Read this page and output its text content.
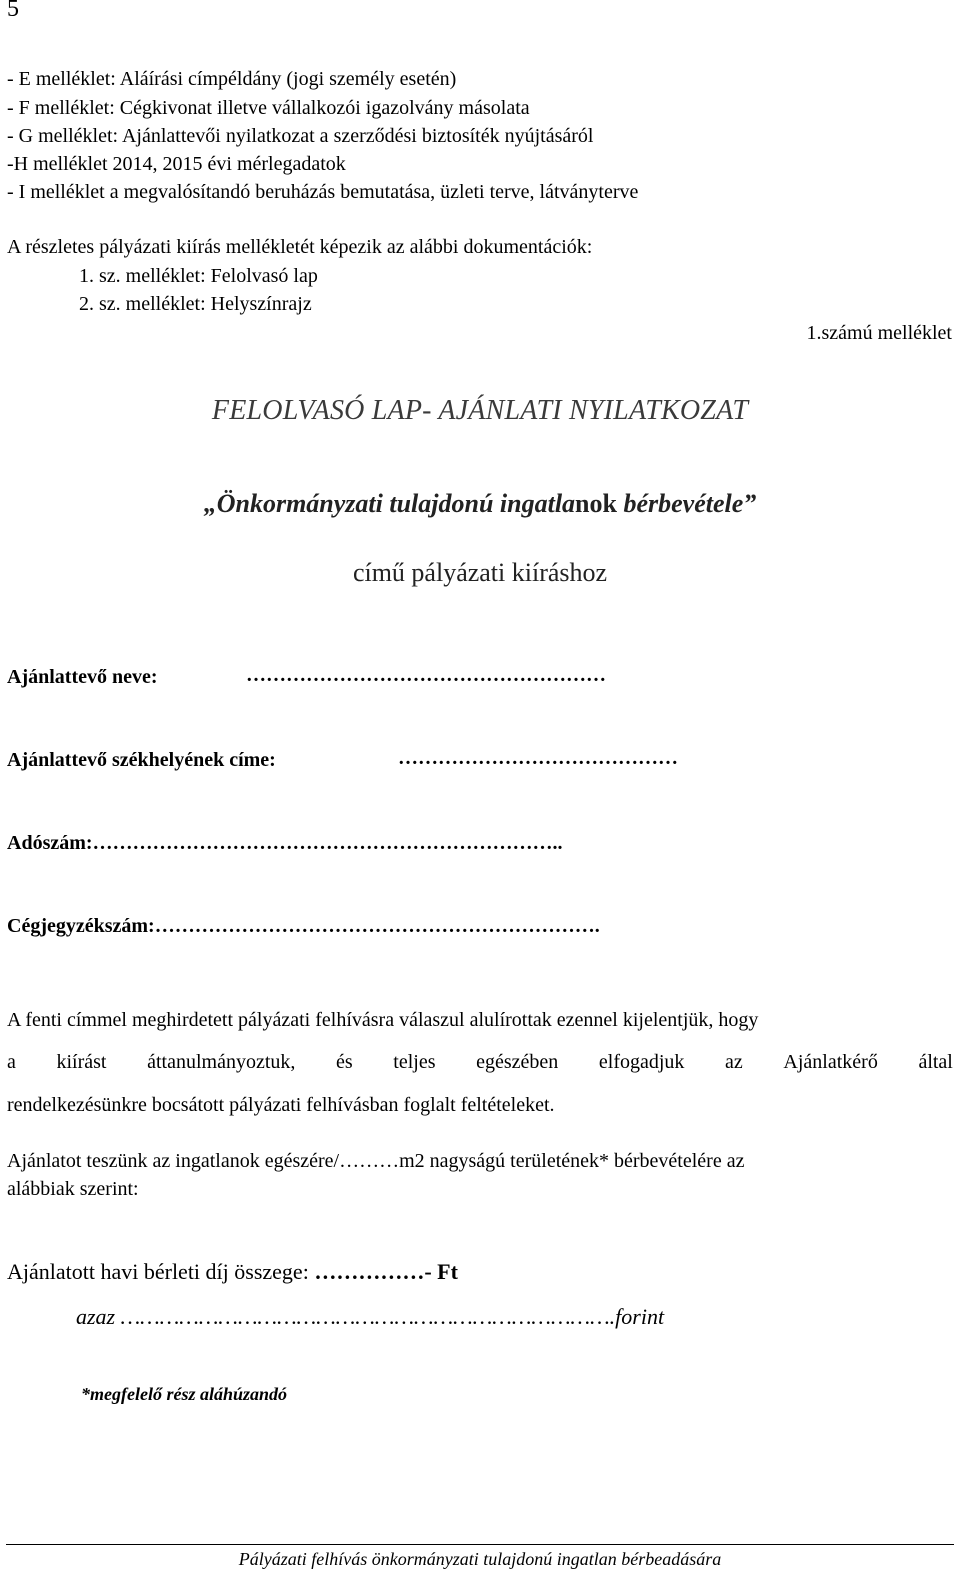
5
- E melléklet: Aláírási címpéldány (jogi személy esetén)
- F melléklet: Cégkivonat illetve vállalkozói igazolvány másolata
- G melléklet: Ajánlattevői nyilatkozat a szerződési biztosíték nyújtásáról
-H melléklet 2014, 2015 évi mérlegadatok
- I melléklet a megvalósítandó beruházás bemutatása, üzleti terve, látványterve
A részletes pályázati kiírás mellékletét képezik az alábbi dokumentációk:
1. sz. melléklet: Felolvasó lap
2. sz. melléklet: Helyszínrajz
1.számú melléklet
FELOLVASÓ LAP- AJÁNLATI NYILATKOZAT
„Önkormányzati tulajdonú ingatlanok bérbevétele”
című pályázati kiíráshoz
Ajánlattevő neve:	………………………………………………
Ajánlattevő székhelyének címe:	……………………………………
Adószám:……………………………………………………………..
Cégjegyzékszám:………………………………………………………….
A fenti címmel meghirdetett pályázati felhívásra válaszul alulírottak ezennel kijelentjük, hogy
a kiírást áttanulmányoztuk, és teljes egészében elfogadjuk az Ajánlatkérő által
rendelkezésünkre bocsátott pályázati felhívásban foglalt feltételeket.
Ajánlatot teszünk az ingatlanok egészére/………m2 nagyságú területének* bérbevételére az
alábbiak szerint:
Ajánlatott havi bérleti díj összege: ……………- Ft
azaz ………………………………………………………………….forint
*megfelelő rész aláhúzandó
Pályázati felhívás önkormányzati tulajdonú ingatlan bérbeadására
